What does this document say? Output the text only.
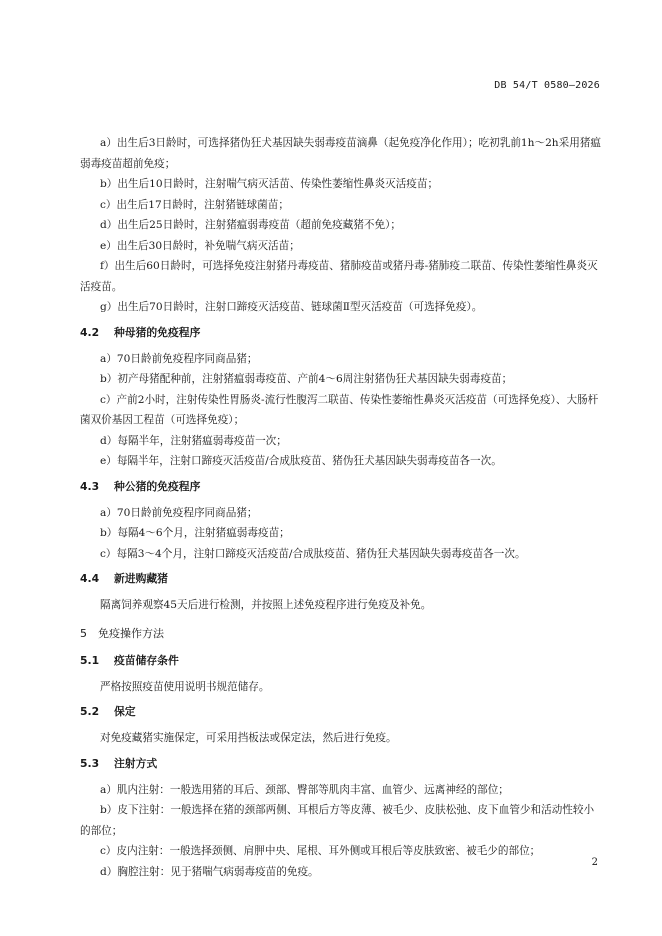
DB 54/T 0580—2026

a）出生后3日龄时，可选择猪伪狂犬基因缺失弱毒疫苗滴鼻（起免疫净化作用）；吃初乳前1h～2h采用猪瘟弱毒疫苗超前免疫；

b）出生后10日龄时，注射喘气病灭活苗、传染性萎缩性鼻炎灭活疫苗；

c）出生后17日龄时，注射猪链球菌苗；

d）出生后25日龄时，注射猪瘟弱毒疫苗（超前免疫藏猪不免）；

e）出生后30日龄时，补免喘气病灭活苗；

f）出生后60日龄时，可选择免疫注射猪丹毒疫苗、猪肺疫苗或猪丹毒-猪肺疫二联苗、传染性萎缩性鼻炎灭活疫苗。

g）出生后70日龄时，注射口蹄疫灭活疫苗、链球菌Ⅱ型灭活疫苗（可选择免疫）。

4.2 种母猪的免疫程序

a）70日龄前免疫程序同商品猪；

b）初产母猪配种前，注射猪瘟弱毒疫苗、产前4～6周注射猪伪狂犬基因缺失弱毒疫苗；

c）产前2小时，注射传染性胃肠炎-流行性腹泻二联苗、传染性萎缩性鼻炎灭活疫苗（可选择免疫）、大肠杆菌双价基因工程苗（可选择免疫）；

d）每隔半年，注射猪瘟弱毒疫苗一次；

e）每隔半年，注射口蹄疫灭活疫苗/合成肽疫苗、猪伪狂犬基因缺失弱毒疫苗各一次。

4.3 种公猪的免疫程序

a）70日龄前免疫程序同商品猪；

b）每隔4～6个月，注射猪瘟弱毒疫苗；

c）每隔3～4个月，注射口蹄疫灭活疫苗/合成肽疫苗、猪伪狂犬基因缺失弱毒疫苗各一次。

4.4 新进购藏猪

隔离饲养观察45天后进行检测，并按照上述免疫程序进行免疫及补免。

5 免疫操作方法
5.1 疫苗储存条件

严格按照疫苗使用说明书规范储存。

5.2 保定

对免疫藏猪实施保定，可采用挡板法或保定法，然后进行免疫。

5.3 注射方式

a）肌内注射：一般选用猪的耳后、颈部、臀部等肌肉丰富、血管少、远离神经的部位；

b）皮下注射：一般选择在猪的颈部两侧、耳根后方等皮薄、被毛少、皮肤松弛、皮下血管少和活动性较小的部位；

c）皮内注射：一般选择颈侧、肩胛中央、尾根、耳外侧或耳根后等皮肤致密、被毛少的部位；

d）胸腔注射：见于猪喘气病弱毒疫苗的免疫。

2
